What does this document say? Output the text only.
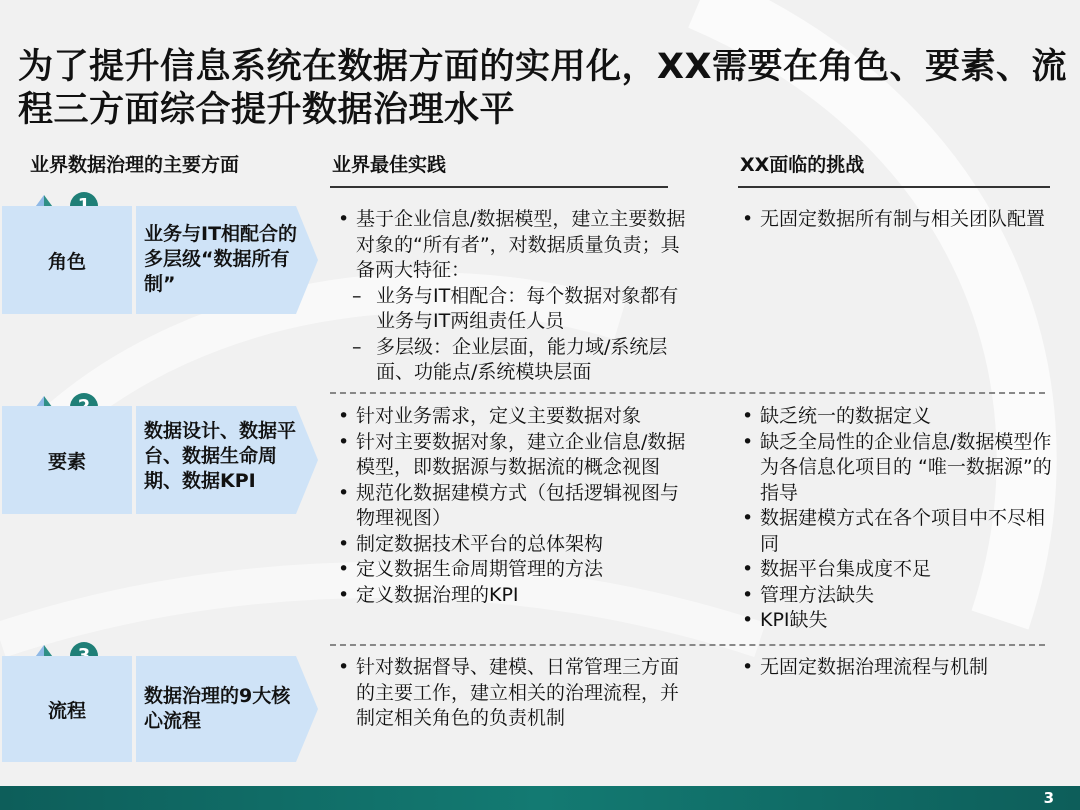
为了提升信息系统在数据方面的实用化，XX需要在角色、要素、流程三方面综合提升数据治理水平
业界数据治理的主要方面	业界最佳实践	XX面临的挑战
角色
业务与IT相配合的多层级“数据所有制”
• 基于企业信息/数据模型，建立主要数据对象的“所有者”，对数据质量负责；具备两大特征：
– 业务与IT相配合：每个数据对象都有业务与IT两组责任人员
– 多层级：企业层面，能力域/系统层面、功能点/系统模块层面
• 无固定数据所有制与相关团队配置
要素
数据设计、数据平台、数据生命周期、数据KPI
• 针对业务需求，定义主要数据对象
• 针对主要数据对象，建立企业信息/数据模型，即数据源与数据流的概念视图
• 规范化数据建模方式（包括逻辑视图与物理视图）
• 制定数据技术平台的总体架构
• 定义数据生命周期管理的方法
• 定义数据治理的KPI
• 缺乏统一的数据定义
• 缺乏全局性的企业信息/数据模型作为各信息化项目的 “唯一数据源”的指导
• 数据建模方式在各个项目中不尽相同
• 数据平台集成度不足
• 管理方法缺失
• KPI缺失
流程
数据治理的9大核心流程
• 针对数据督导、建模、日常管理三方面的主要工作，建立相关的治理流程，并制定相关角色的负责机制
• 无固定数据治理流程与机制
3
